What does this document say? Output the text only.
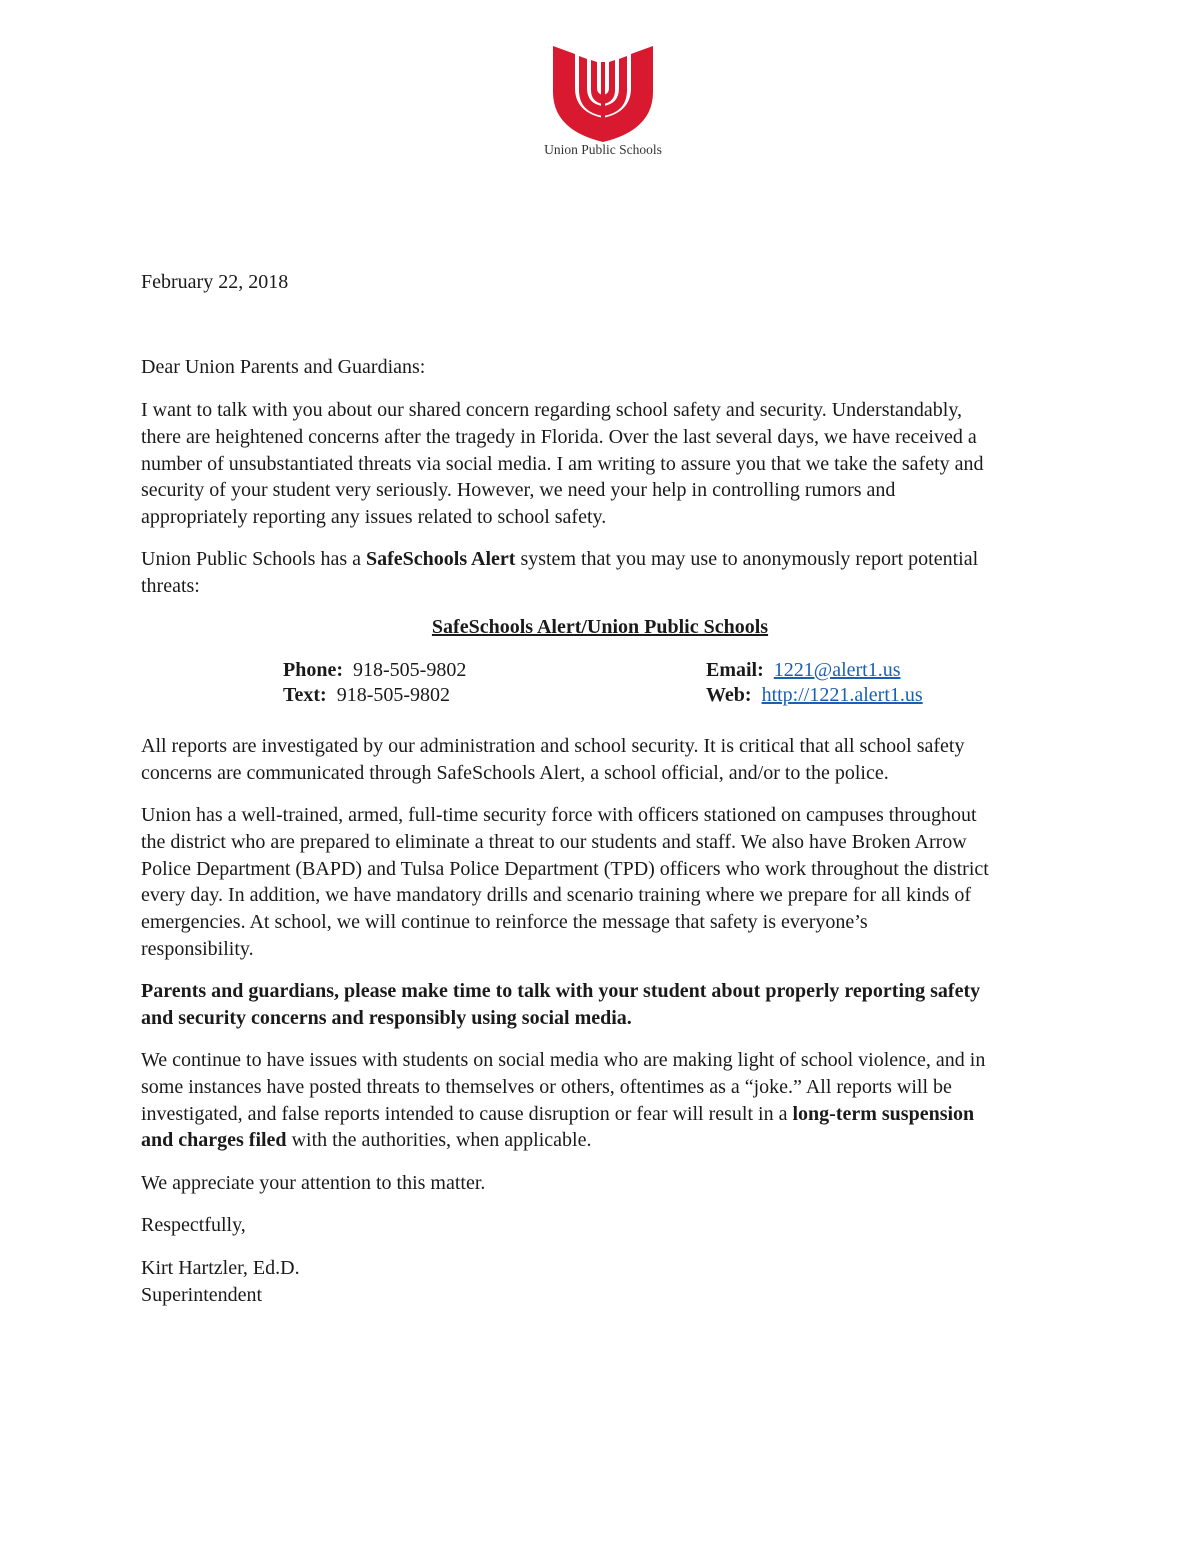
Union Public Schools
February 22, 2018
Dear Union Parents and Guardians:
I want to talk with you about our shared concern regarding school safety and security. Understandably,
there are heightened concerns after the tragedy in Florida. Over the last several days, we have received a
number of unsubstantiated threats via social media. I am writing to assure you that we take the safety and
security of your student very seriously. However, we need your help in controlling rumors and
appropriately reporting any issues related to school safety.
Union Public Schools has a SafeSchools Alert system that you may use to anonymously report potential
threats:
All reports are investigated by our administration and school security. It is critical that all school safety
concerns are communicated through SafeSchools Alert, a school official, and/or to the police.
Union has a well-trained, armed, full-time security force with officers stationed on campuses throughout
the district who are prepared to eliminate a threat to our students and staff. We also have Broken Arrow
Police Department (BAPD) and Tulsa Police Department (TPD) officers who work throughout the district
every day. In addition, we have mandatory drills and scenario training where we prepare for all kinds of
emergencies. At school, we will continue to reinforce the message that safety is everyone’s
responsibility.
Parents and guardians, please make time to talk with your student about properly reporting safety
and security concerns and responsibly using social media.
We continue to have issues with students on social media who are making light of school violence, and in
some instances have posted threats to themselves or others, oftentimes as a “joke.” All reports will be
investigated, and false reports intended to cause disruption or fear will result in a long-term suspension
and charges filed with the authorities, when applicable.
We appreciate your attention to this matter.
Respectfully,
Kirt Hartzler, Ed.D.
Superintendent
SafeSchools Alert/Union Public Schools
Phone: 918-505-9802
Text: 918-505-9802
Email: 1221@alert1.us
Web: http://1221.alert1.us
